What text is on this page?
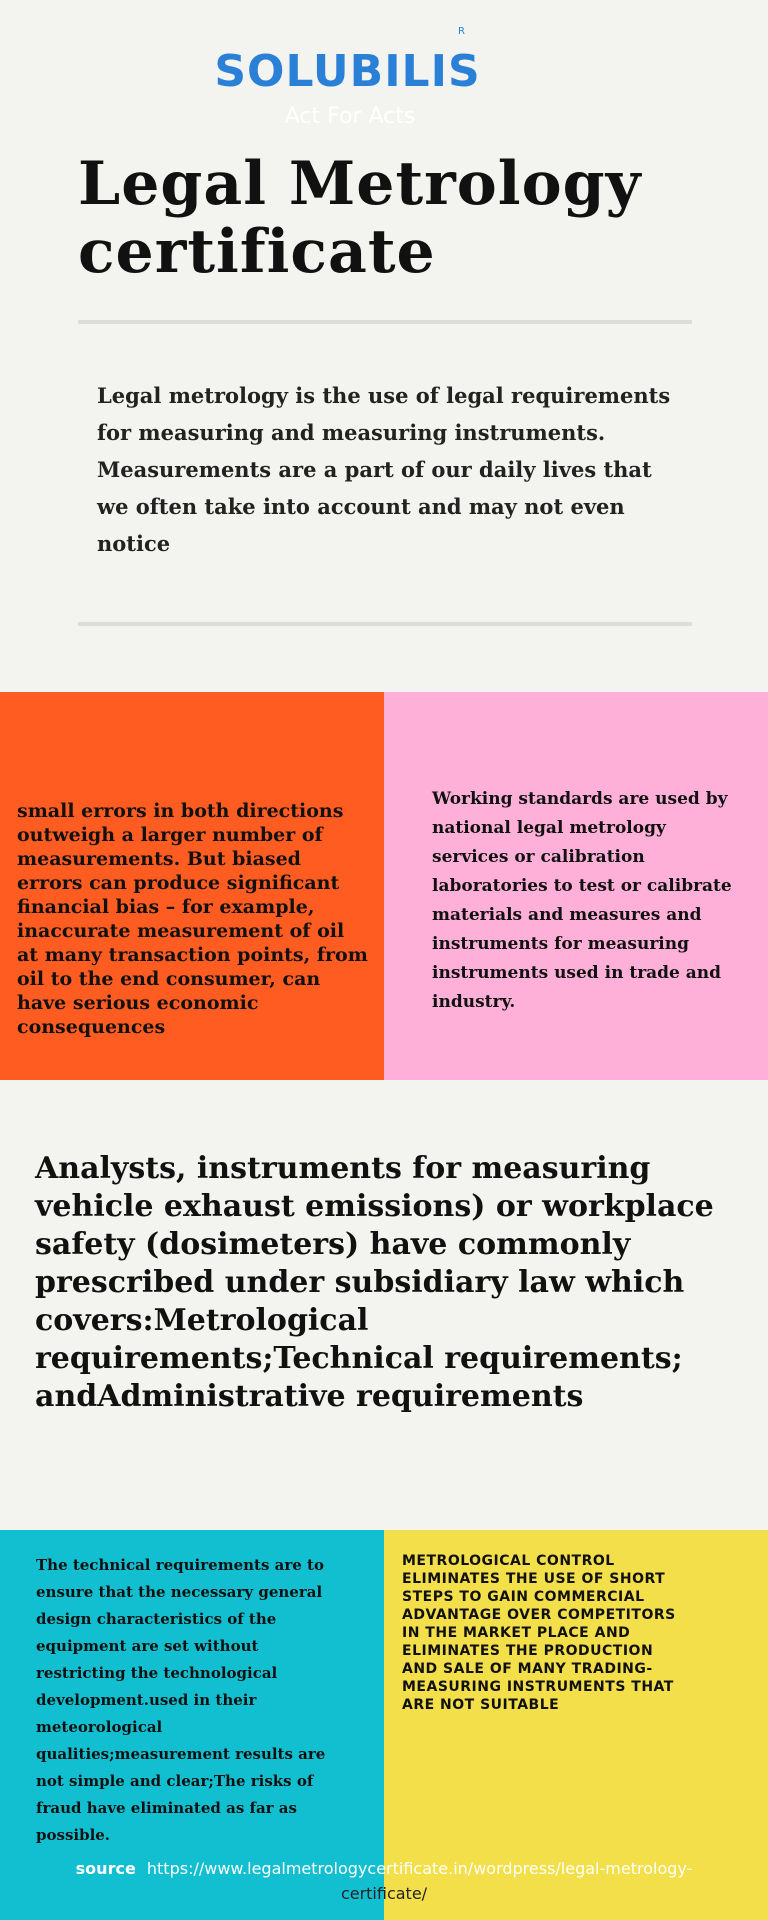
SOLUBILIS
R
Act For Acts
Legal Metrology certificate

Legal metrology is the use of legal requirements for measuring and measuring instruments. Measurements are a part of our daily lives that we often take into account and may not even notice

small errors in both directions outweigh a larger number of measurements. But biased errors can produce significant financial bias – for example, inaccurate measurement of oil at many transaction points, from oil to the end consumer, can have serious economic consequences

Working standards are used by national legal metrology services or calibration laboratories to test or calibrate materials and measures and instruments for measuring instruments used in trade and industry.

Analysts, instruments for measuring vehicle exhaust emissions) or workplace safety (dosimeters) have commonly prescribed under subsidiary law which covers:Metrological requirements;Technical requirements; andAdministrative requirements

The technical requirements are to ensure that the necessary general design characteristics of the equipment are set without restricting the technological development.used in their meteorological qualities;measurement results are not simple and clear;The risks of fraud have eliminated as far as possible.

METROLOGICAL CONTROL ELIMINATES THE USE OF SHORT STEPS TO GAIN COMMERCIAL ADVANTAGE OVER COMPETITORS IN THE MARKET PLACE AND ELIMINATES THE PRODUCTION AND SALE OF MANY TRADING-MEASURING INSTRUMENTS THAT ARE NOT SUITABLE

source https://www.legalmetrologycertificate.in/wordpress/legal-metrology-
certificate/
